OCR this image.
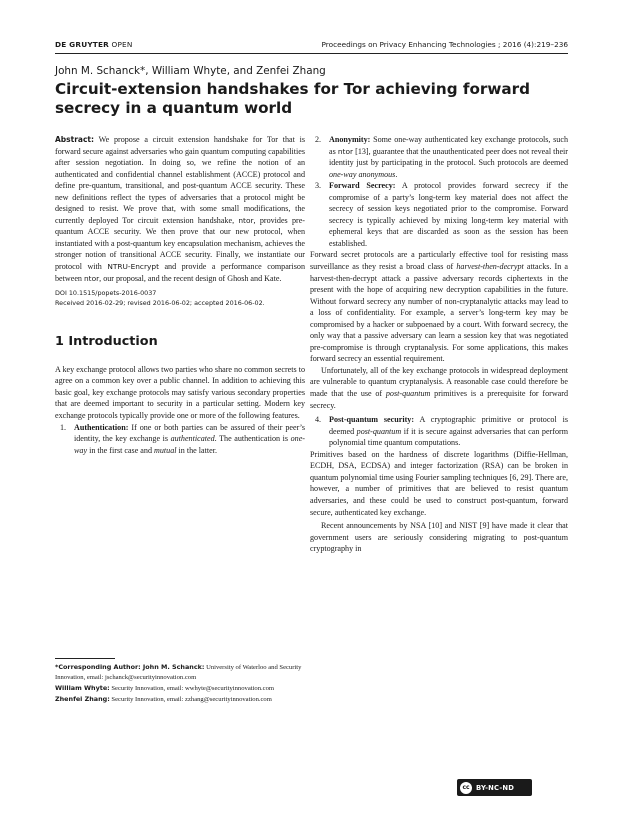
DE GRUYTER OPEN	Proceedings on Privacy Enhancing Technologies ; 2016 (4):219–236
John M. Schanck*, William Whyte, and Zenfei Zhang
Circuit-extension handshakes for Tor achieving forward secrecy in a quantum world

Abstract: We propose a circuit extension handshake for Tor that is forward secure against adversaries who gain quantum computing capabilities after session negotiation. In doing so, we refine the notion of an authenticated and confidential channel establishment (ACCE) protocol and define pre-quantum, transitional, and post-quantum ACCE security. These new definitions reflect the types of adversaries that a protocol might be designed to resist. We prove that, with some small modifications, the currently deployed Tor circuit extension handshake, ntor, provides pre-quantum ACCE security. We then prove that our new protocol, when instantiated with a post-quantum key encapsulation mechanism, achieves the stronger notion of transitional ACCE security. Finally, we instantiate our protocol with NTRU-Encrypt and provide a performance comparison between ntor, our proposal, and the recent design of Ghosh and Kate.

DOI 10.1515/popets-2016-0037
Received 2016-02-29; revised 2016-06-02; accepted 2016-06-02.
1 Introduction

A key exchange protocol allows two parties who share no common secrets to agree on a common key over a public channel. In addition to achieving this basic goal, key exchange protocols may satisfy various secondary properties that are deemed important to security in a particular setting. Modern key exchange protocols typically provide one or more of the following features.

1. Authentication: If one or both parties can be assured of their peer’s identity, the key exchange is authenticated. The authentication is one-way in the first case and mutual in the latter.

*Corresponding Author: John M. Schanck: University of Waterloo and Security Innovation, email: jschanck@securityinnovation.com

William Whyte: Security Innovation, email: wwhyte@securityinnovation.com

Zhenfei Zhang: Security Innovation, email: zzhang@securityinnovation.com

2. Anonymity: Some one-way authenticated key exchange protocols, such as ntor [13], guarantee that the unauthenticated peer does not reveal their identity just by participating in the protocol. Such protocols are deemed one-way anonymous.
3. Forward Secrecy: A protocol provides forward secrecy if the compromise of a party’s long-term key material does not affect the secrecy of session keys negotiated prior to the compromise. Forward secrecy is typically achieved by mixing long-term key material with ephemeral keys that are discarded as soon as the session has been established.

Forward secret protocols are a particularly effective tool for resisting mass surveillance as they resist a broad class of harvest-then-decrypt attacks. In a harvest-then-decrypt attack a passive adversary records ciphertexts in the present with the hope of acquiring new decryption capabilities in the future. Without forward secrecy any number of non-cryptanalytic attacks may lead to a loss of confidentiality. For example, a server’s long-term key may be compromised by a hacker or subpoenaed by a court. With forward secrecy, the only way that a passive adversary can learn a session key that was negotiated pre-compromise is through cryptanalysis. For some applications, this makes forward secrecy an essential requirement.

Unfortunately, all of the key exchange protocols in widespread deployment are vulnerable to quantum cryptanalysis. A reasonable case could therefore be made that the use of post-quantum primitives is a prerequisite for forward secrecy.

4. Post-quantum security: A cryptographic primitive or protocol is deemed post-quantum if it is secure against adversaries that can perform polynomial time quantum computations.

Primitives based on the hardness of discrete logarithms (Diffie-Hellman, ECDH, DSA, ECDSA) and integer factorization (RSA) can be broken in quantum polynomial time using Fourier sampling techniques [6, 29]. There are, however, a number of primitives that are believed to resist quantum adversaries, and these could be used to construct post-quantum, forward secure, authenticated key exchange.

Recent announcements by NSA [10] and NIST [9] have made it clear that government users are seriously considering migrating to post-quantum cryptography in

cc BY-NC-ND
